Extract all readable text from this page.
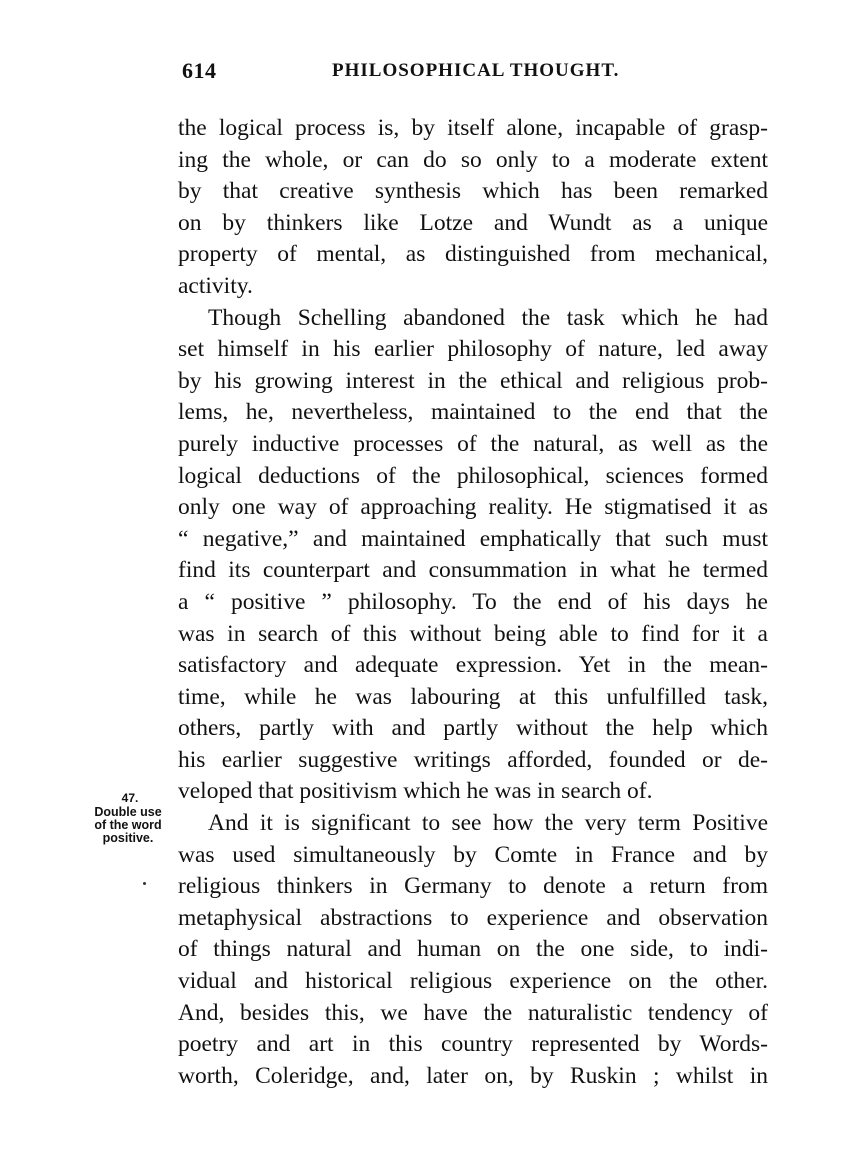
614	PHILOSOPHICAL THOUGHT.
47.
Double use
of the word
positive.
the logical process is, by itself alone, incapable of grasp-
ing the whole, or can do so only to a moderate extent
by that creative synthesis which has been remarked
on by thinkers like Lotze and Wundt as a unique
property of mental, as distinguished from mechanical,
activity.
Though Schelling abandoned the task which he had
set himself in his earlier philosophy of nature, led away
by his growing interest in the ethical and religious prob-
lems, he, nevertheless, maintained to the end that the
purely inductive processes of the natural, as well as the
logical deductions of the philosophical, sciences formed
only one way of approaching reality. He stigmatised it as
“ negative,” and maintained emphatically that such must
find its counterpart and consummation in what he termed
a “ positive ” philosophy. To the end of his days he
was in search of this without being able to find for it a
satisfactory and adequate expression. Yet in the mean-
time, while he was labouring at this unfulfilled task,
others, partly with and partly without the help which
his earlier suggestive writings afforded, founded or de-
veloped that positivism which he was in search of.
And it is significant to see how the very term Positive
was used simultaneously by Comte in France and by
religious thinkers in Germany to denote a return from
metaphysical abstractions to experience and observation
of things natural and human on the one side, to indi-
vidual and historical religious experience on the other.
And, besides this, we have the naturalistic tendency of
poetry and art in this country represented by Words-
worth, Coleridge, and, later on, by Ruskin ; whilst in
